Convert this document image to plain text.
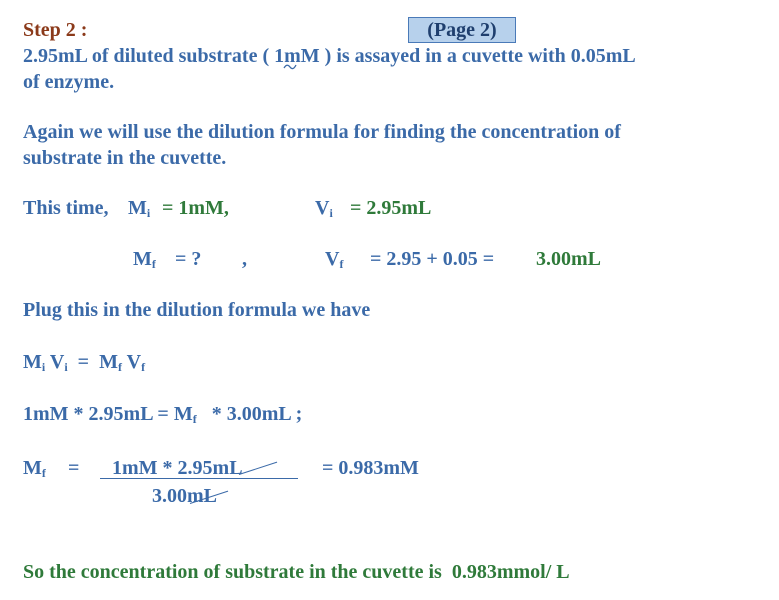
Step 2 :	(Page 2)
2.95mL of diluted substrate ( 1mM ) is assayed in a cuvette with 0.05mL
of enzyme.
Again we will use the dilution formula for finding the concentration of
substrate in the cuvette.
This time, $M_i = 1mM$,	$V_i = 2.95mL$
$M_f$ = ? ,	$V_f = 2.95 + 0.05 = 3.00mL$
Plug this in the dilution formula we have
$M_i$ $V_i = M_f$ $V_f$
$1mM * 2.95mL = M_f * 3.00mL$ ;
$M_f = 1mM * 2.95mL$
3.00mL
= 0.983mM
So the concentration of substrate in the cuvette is  0.983mmol/ L
